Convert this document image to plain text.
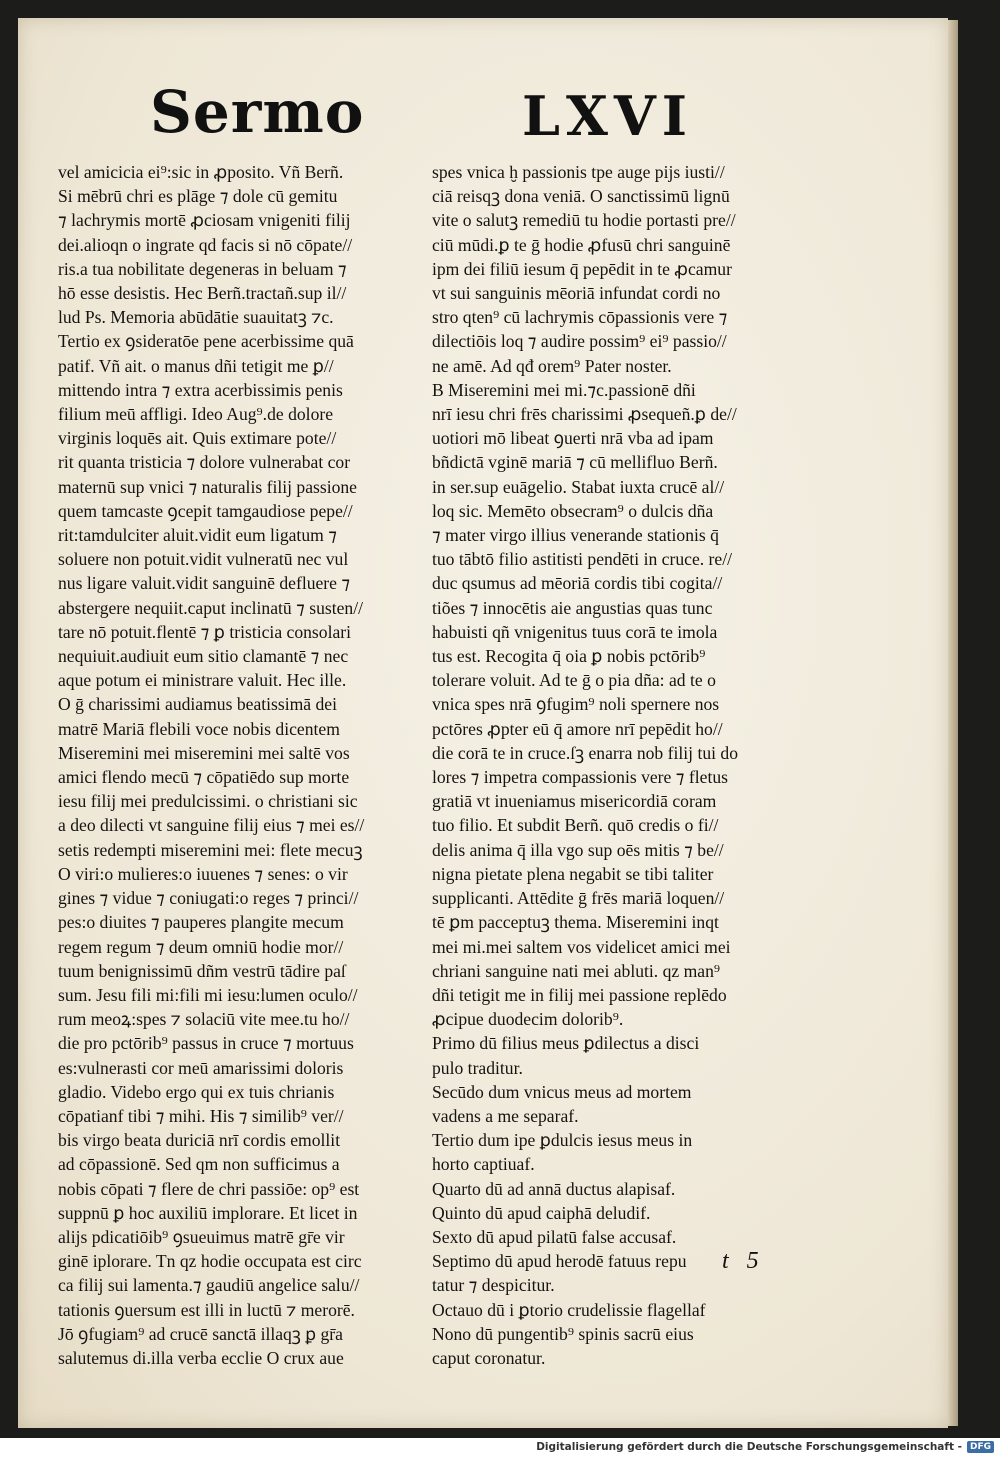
Sermo	LXVI
vel amicicia ei⁹:sic in ꝓposito. Vñ Berñ.
Si mēbrū chri es plāge ⁊ dole cū gemitu
⁊ lachrymis mortē ꝓciosam vnigeniti filij
dei.alioqn o ingrate qd facis si nō cōpate//
ris.a tua nobilitate degeneras in beluam ⁊
hō esse desistis. Hec Berñ.tractañ.sup il//
lud Ps. Memoria abūdātie suauitatꝫ ⁊c.
Tertio ex ꝯsideratōe pene acerbissime quā
patif. Vñ ait. o manus dñi tetigit me ꝑ//
mittendo intra ⁊ extra acerbissimis penis
filium meū affligi. Ideo Aug⁹.de dolore
virginis loquēs ait. Quis extimare pote//
rit quanta tristicia ⁊ dolore vulnerabat cor
maternū sup vnici ⁊ naturalis filij passione
quem tamcaste ꝯcepit tamgaudiose pepe//
rit:tamdulciter aluit.vidit eum ligatum ⁊
soluere non potuit.vidit vulneratū nec vul
nus ligare valuit.vidit sanguinē defluere ⁊
abstergere nequiit.caput inclinatū ⁊ susten//
tare nō potuit.flentē ⁊ ꝑ tristicia consolari
nequiuit.audiuit eum sitio clamantē ⁊ nec
aque potum ei ministrare valuit. Hec ille.
O ḡ charissimi audiamus beatissimā dei
matrē Mariā flebili voce nobis dicentem
Miseremini mei miseremini mei saltē vos
amici flendo mecū ⁊ cōpatiēdo sup morte
iesu filij mei predulcissimi. o christiani sic
a deo dilecti vt sanguine filij eius ⁊ mei es//
setis redempti miseremini mei: flete mecuꝫ
O viri:o mulieres:o iuuenes ⁊ senes: o vir
gines ⁊ vidue ⁊ coniugati:o reges ⁊ princi//
pes:o diuites ⁊ pauperes plangite mecum
regem regum ⁊ deum omniū hodie mor//
tuum benignissimū dñm vestrū tādire paſ
sum. Jesu fili mi:fili mi iesu:lumen oculo//
rum meoꝝ:spes ⁊ solaciū vite mee.tu ho//
die pro pctōrib⁹ passus in cruce ⁊ mortuus
es:vulnerasti cor meū amarissimi doloris
gladio. Videbo ergo qui ex tuis chrianis
cōpatianf tibi ⁊ mihi. His ⁊ similib⁹ ver//
bis virgo beata duriciā nrī cordis emollit
ad cōpassionē. Sed qm non sufficimus a
nobis cōpati ⁊ flere de chri passiōe: op⁹ est
suppnū ꝑ hoc auxiliū implorare. Et licet in
alijs pdicatiōib⁹ ꝯsueuimus matrē gr̄e vir
ginē iplorare. Tn qz hodie occupata est circ
ca filij sui lamenta.⁊ gaudiū angelice salu//
tationis ꝯuersum est illi in luctū ⁊ merorē.
Jō ꝯfugiam⁹ ad crucē sanctā illaqꝫ ꝑ gr̄a
salutemus di.illa verba ecclie O crux aue
spes vnica ḫ passionis tpe auge pijs iusti//
ciā reisqꝫ dona veniā. O sanctissimū lignū
vite o salutꝫ remediū tu hodie portasti pre//
ciū mūdi.ꝑ te ḡ hodie ꝓfusū chri sanguinē
ipm dei filiū iesum q̄ pepēdit in te ꝓcamur
vt sui sanguinis mēoriā infundat cordi no
stro qten⁹ cū lachrymis cōpassionis vere ⁊
dilectiōis loq ⁊ audire possim⁹ ei⁹ passio//
ne amē. Ad qđ orem⁹ Pater noster.
B Miseremini mei mi.⁊c.passionē dñi
nrī iesu chri frēs charissimi ꝓsequeñ.ꝑ de//
uotiori mō libeat ꝯuerti nrā vba ad ipam
bñdictā vginē mariā ⁊ cū mellifluo Berñ.
in ser.sup euāgelio. Stabat iuxta crucē al//
loq sic. Memēto obsecram⁹ o dulcis dña
⁊ mater virgo illius venerande stationis q̄
tuo tābtō filio astitisti pendēti in cruce. re//
duc qsumus ad mēoriā cordis tibi cogita//
tiões ⁊ innocētis aie angustias quas tunc
habuisti qñ vnigenitus tuus corā te imola
tus est. Recogita q̄ oia ꝑ nobis pctōrib⁹
tolerare voluit. Ad te ḡ o pia dña: ad te o
vnica spes nrā ꝯfugim⁹ noli spernere nos
pctōres ꝓpter eū q̄ amore nrī pepēdit ho//
die corā te in cruce.ſꝫ enarra nob filij tui do
lores ⁊ impetra compassionis vere ⁊ fletus
gratiā vt inueniamus misericordiā coram
tuo filio. Et subdit Berñ. quō credis o fi//
delis anima q̄ illa vgo sup oēs mitis ⁊ be//
nigna pietate plena negabit se tibi taliter
supplicanti. Attēdite ḡ frēs mariā loquen//
tē ꝑm pacceptuꝫ thema. Miseremini inqt
mei mi.mei saltem vos videlicet amici mei
chriani sanguine nati mei abluti. qz man⁹
dñi tetigit me in filij mei passione replēdo
ꝓcipue duodecim dolorib⁹.
Primo dū filius meus ꝑdilectus a disci
pulo traditur.
Secūdo dum vnicus meus ad mortem
vadens a me separaf.
Tertio dum ipe ꝑdulcis iesus meus in
horto captiuaf.
Quarto dū ad annā ductus alapisaf.
Quinto dū apud caiphā deludif.
Sexto dū apud pilatū false accusaf.
Septimo dū apud herodē fatuus repu
tatur ⁊ despicitur.
Octauo dū i ꝑtorio crudelissie flagellaf
Nono dū pungentib⁹ spinis sacrū eius
caput coronatur.
t 5
Digitalisierung gefördert durch die Deutsche Forschungsgemeinschaft - DFG
